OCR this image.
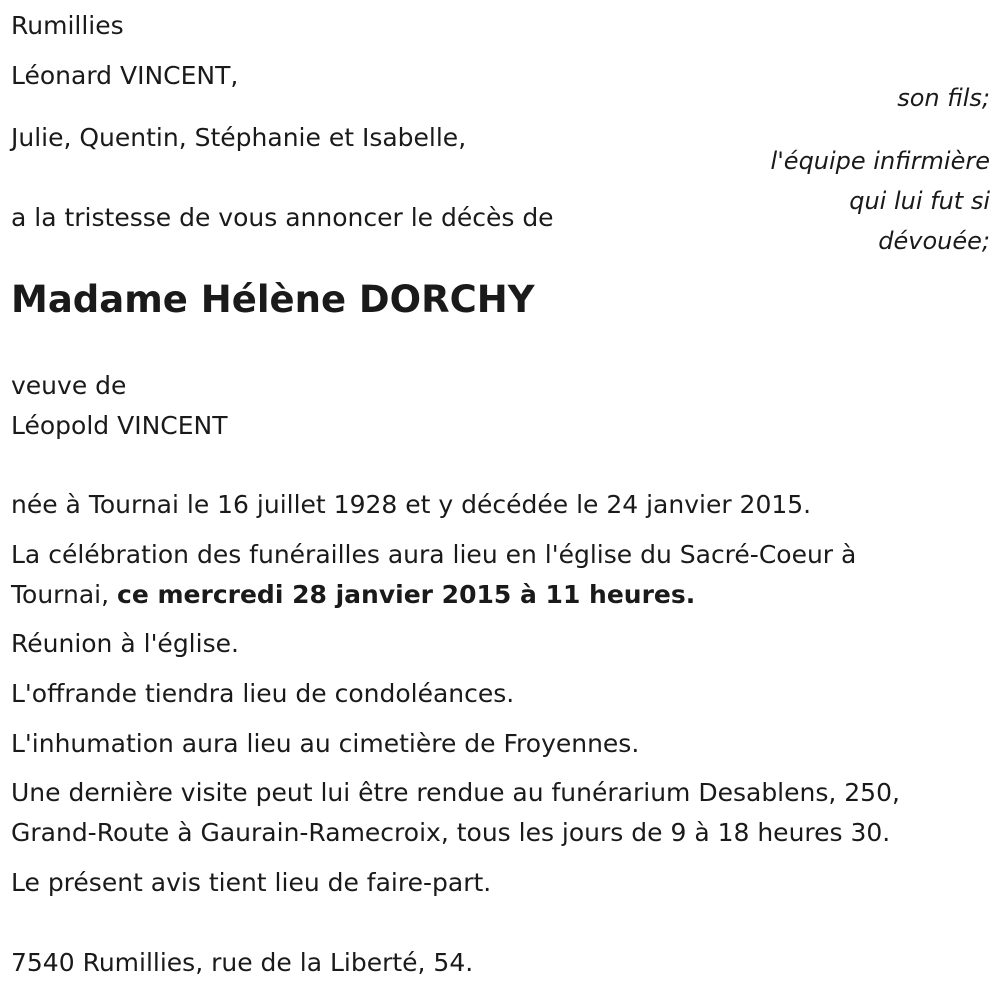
Rumillies
Léonard VINCENT,
son fils;
Julie, Quentin, Stéphanie et Isabelle,
l'équipe infirmière
qui lui fut si
dévouée;
a la tristesse de vous annoncer le décès de
Madame Hélène DORCHY
veuve de
Léopold VINCENT
née à Tournai le 16 juillet 1928 et y décédée le 24 janvier 2015.
La célébration des funérailles aura lieu en l'église du Sacré-Coeur à
Tournai, ce mercredi 28 janvier 2015 à 11 heures.
Réunion à l'église.
L'offrande tiendra lieu de condoléances.
L'inhumation aura lieu au cimetière de Froyennes.
Une dernière visite peut lui être rendue au funérarium Desablens, 250,
Grand-Route à Gaurain-Ramecroix, tous les jours de 9 à 18 heures 30.
Le présent avis tient lieu de faire-part.
7540 Rumillies, rue de la Liberté, 54.
